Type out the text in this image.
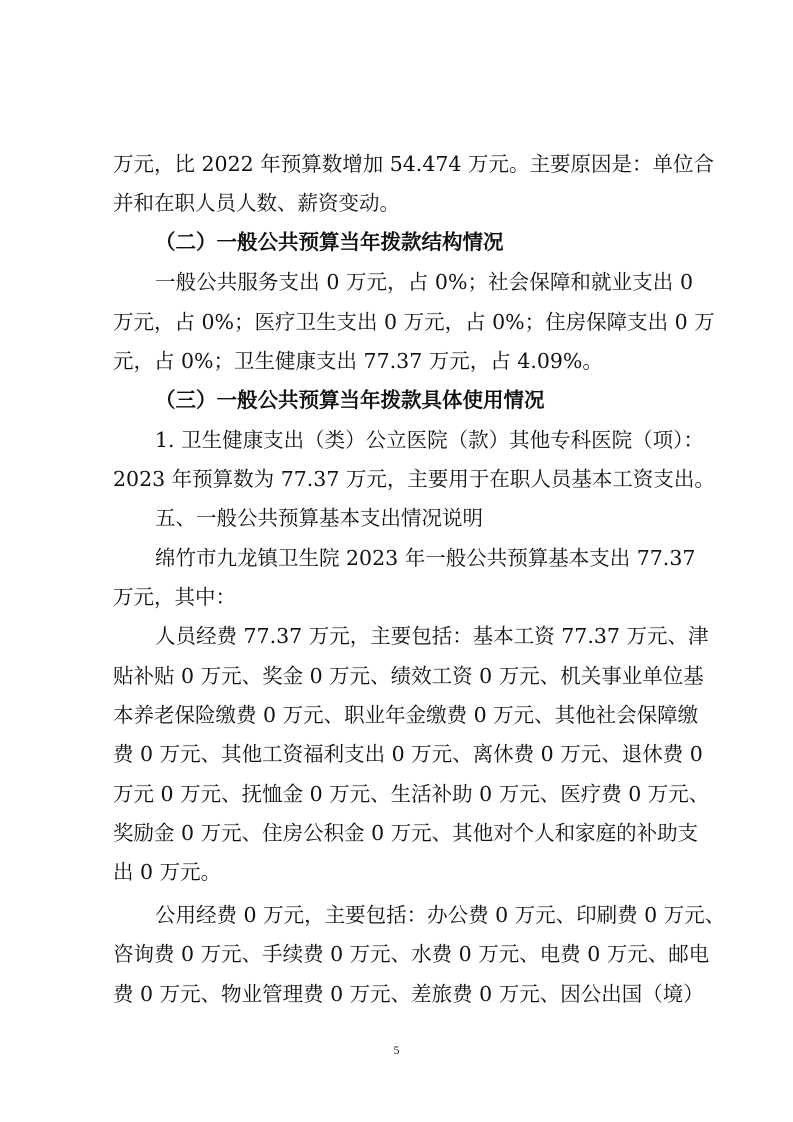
万元，比 2022 年预算数增加 54.474 万元。主要原因是：单位合
并和在职人员人数、薪资变动。
（二）一般公共预算当年拨款结构情况
一般公共服务支出 0 万元，占 0%；社会保障和就业支出 0
万元，占 0%；医疗卫生支出 0 万元，占 0%；住房保障支出 0 万
元，占 0%；卫生健康支出 77.37 万元，占 4.09%。
（三）一般公共预算当年拨款具体使用情况
1. 卫生健康支出（类）公立医院（款）其他专科医院（项）：
2023 年预算数为 77.37 万元，主要用于在职人员基本工资支出。
五、一般公共预算基本支出情况说明
绵竹市九龙镇卫生院 2023 年一般公共预算基本支出 77.37
万元，其中：
人员经费 77.37 万元，主要包括：基本工资 77.37 万元、津
贴补贴 0 万元、奖金 0 万元、绩效工资 0 万元、机关事业单位基
本养老保险缴费 0 万元、职业年金缴费 0 万元、其他社会保障缴
费 0 万元、其他工资福利支出 0 万元、离休费 0 万元、退休费 0
万元 0 万元、抚恤金 0 万元、生活补助 0 万元、医疗费 0 万元、
奖励金 0 万元、住房公积金 0 万元、其他对个人和家庭的补助支
出 0 万元。
公用经费 0 万元，主要包括：办公费 0 万元、印刷费 0 万元、
咨询费 0 万元、手续费 0 万元、水费 0 万元、电费 0 万元、邮电
费 0 万元、物业管理费 0 万元、差旅费 0 万元、因公出国（境）
5
